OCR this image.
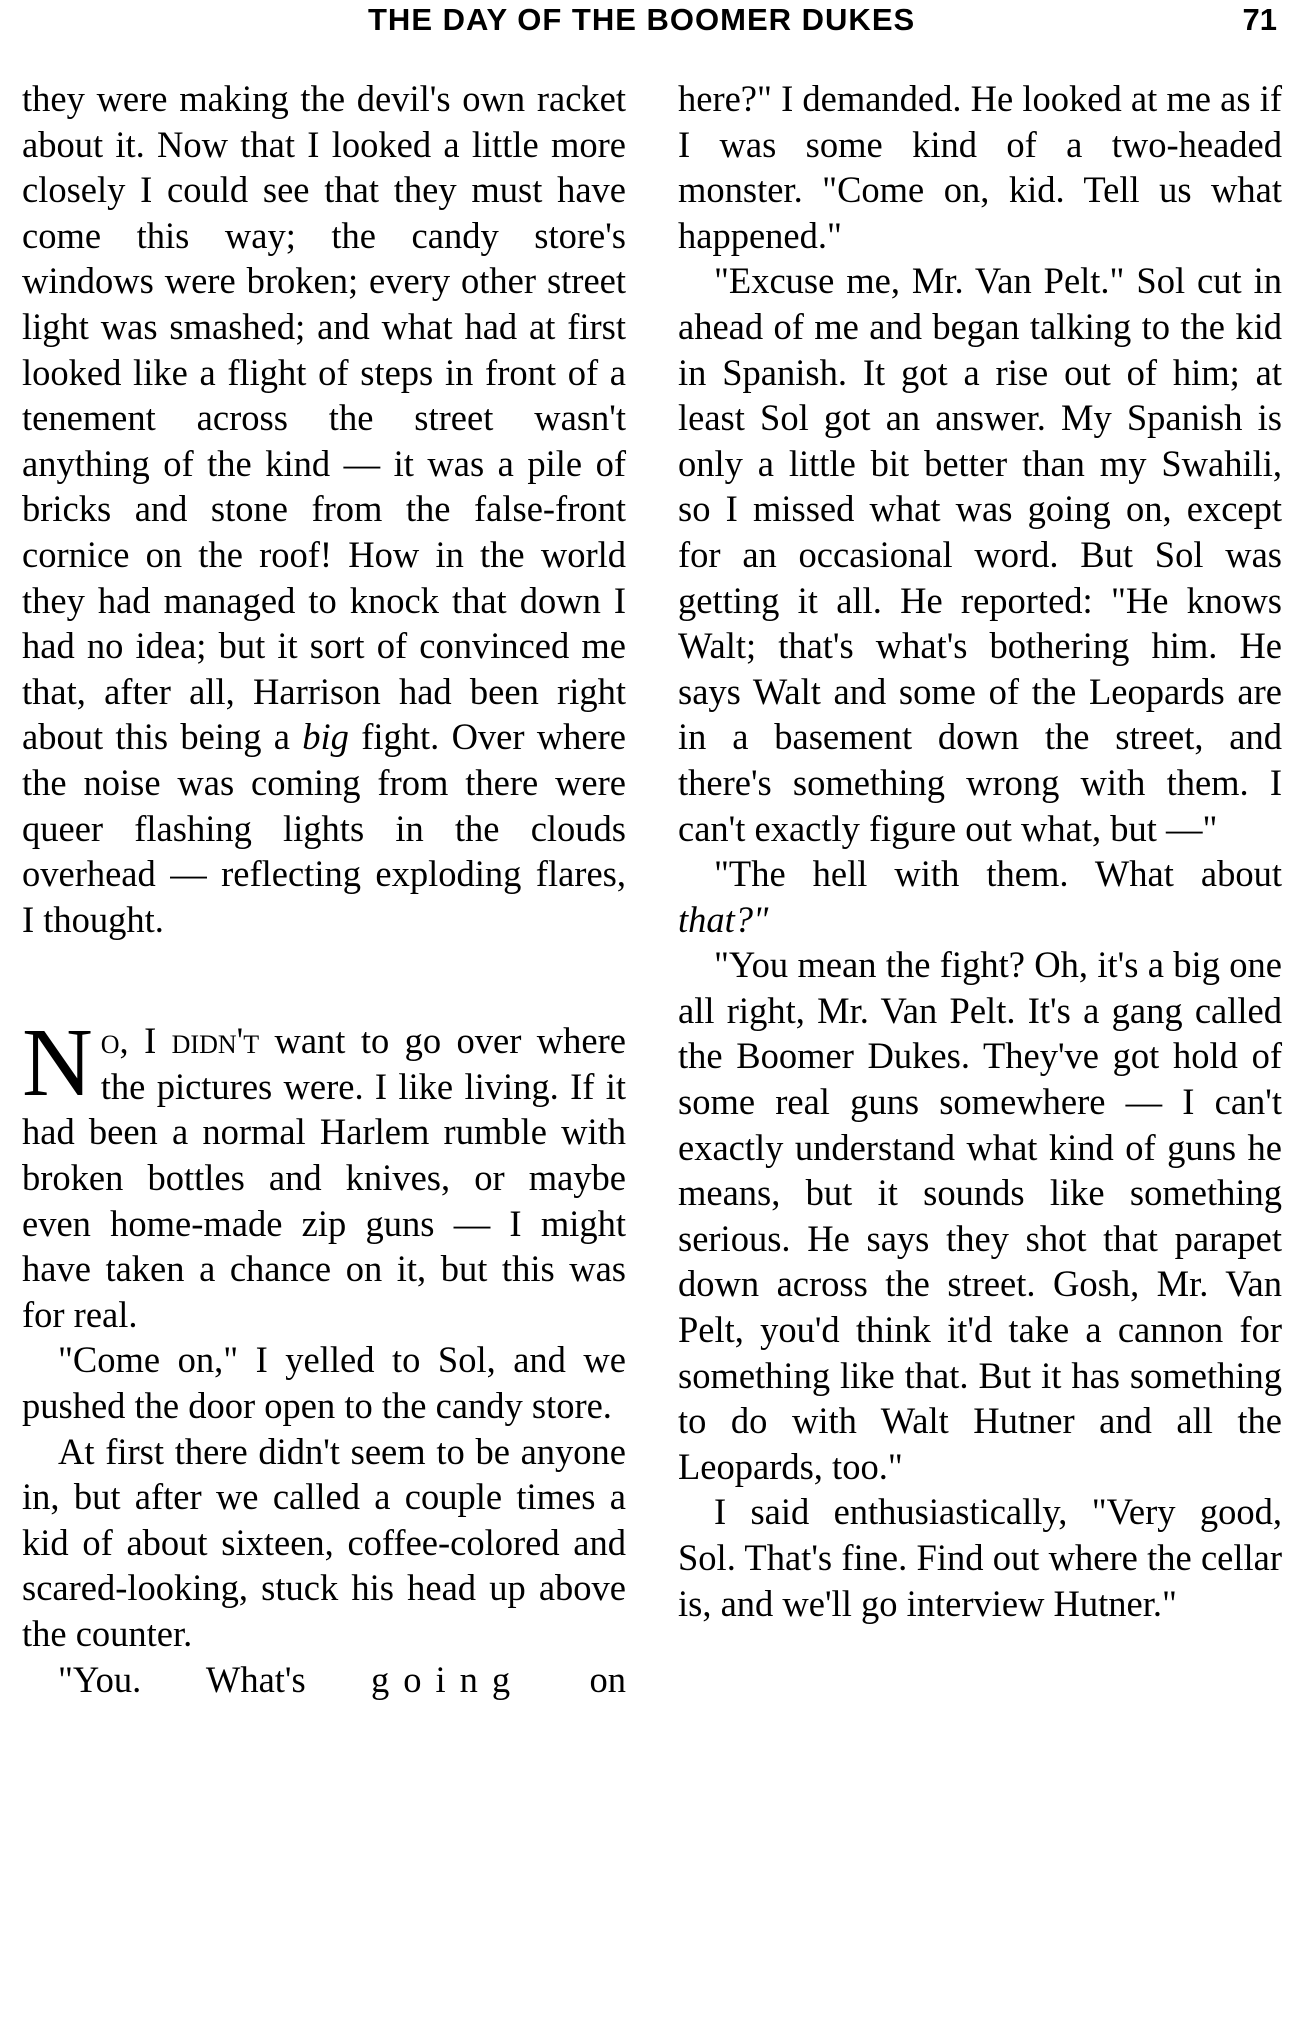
THE DAY OF THE BOOMER DUKES	71

they were making the devil's own racket about it. Now that I looked a little more closely I could see that they must have come this way; the candy store's windows were broken; every other street light was smashed; and what had at first looked like a flight of steps in front of a tenement across the street wasn't anything of the kind — it was a pile of bricks and stone from the false-front cornice on the roof! How in the world they had managed to knock that down I had no idea; but it sort of convinced me that, after all, Harrison had been right about this being a big fight. Over where the noise was coming from there were queer flashing lights in the clouds overhead — reflecting exploding flares, I thought.

No, I didn't want to go over where the pictures were. I like living. If it had been a normal Harlem rumble with broken bottles and knives, or maybe even home-made zip guns — I might have taken a chance on it, but this was for real.

"Come on," I yelled to Sol, and we pushed the door open to the candy store.

At first there didn't seem to be anyone in, but after we called a couple times a kid of about sixteen, coffee-colored and scared-looking, stuck his head up above the counter.

"You. What's going on

here?" I demanded. He looked at me as if I was some kind of a two-headed monster. "Come on, kid. Tell us what happened."

"Excuse me, Mr. Van Pelt." Sol cut in ahead of me and began talking to the kid in Spanish. It got a rise out of him; at least Sol got an answer. My Spanish is only a little bit better than my Swahili, so I missed what was going on, except for an occasional word. But Sol was getting it all. He reported: "He knows Walt; that's what's bothering him. He says Walt and some of the Leopards are in a basement down the street, and there's something wrong with them. I can't exactly figure out what, but —"

"The hell with them. What about that?"

"You mean the fight? Oh, it's a big one all right, Mr. Van Pelt. It's a gang called the Boomer Dukes. They've got hold of some real guns somewhere — I can't exactly understand what kind of guns he means, but it sounds like something serious. He says they shot that parapet down across the street. Gosh, Mr. Van Pelt, you'd think it'd take a cannon for something like that. But it has something to do with Walt Hutner and all the Leopards, too."

I said enthusiastically, "Very good, Sol. That's fine. Find out where the cellar is, and we'll go interview Hutner."
